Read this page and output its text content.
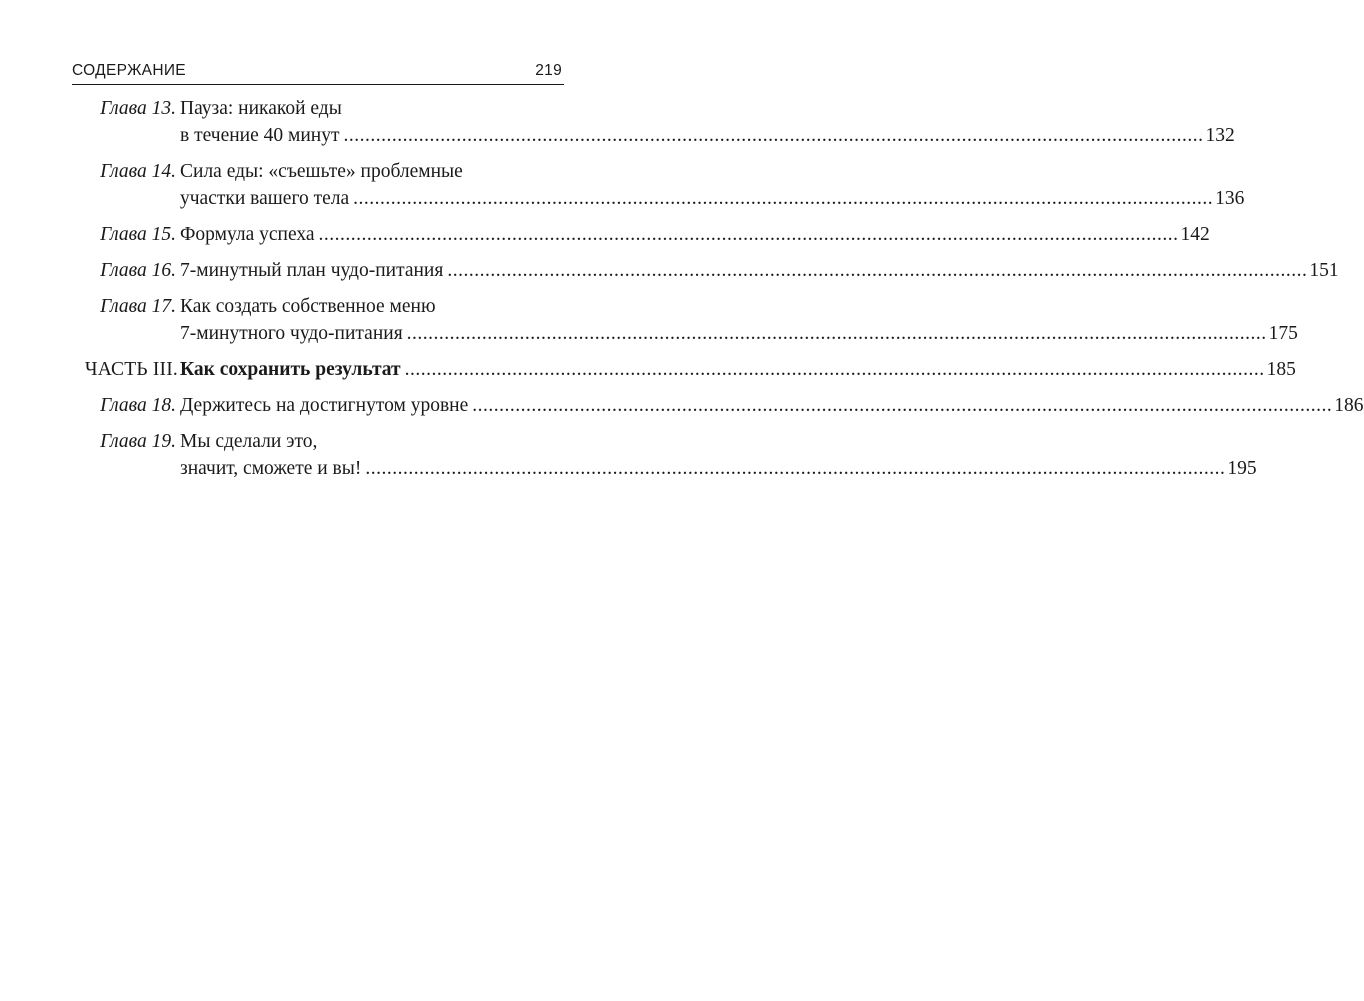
СОДЕРЖАНИЕ	219
Глава 13. Пауза: никакой еды
в течение 40 минут ................................................................................................................................................................ 132
Глава 14. Сила еды: «съешьте» проблемные
участки вашего тела ................................................................................................................................................................ 136
Глава 15. Формула успеха ................................................................................................................................................................ 142
Глава 16. 7-минутный план чудо-питания ................................................................................................................................................................ 151
Глава 17. Как создать собственное меню
7-минутного чудо-питания ................................................................................................................................................................ 175
ЧАСТЬ III. Как сохранить результат ................................................................................................................................................................ 185
Глава 18. Держитесь на достигнутом уровне ................................................................................................................................................................ 186
Глава 19. Мы сделали это,
значит, сможете и вы! ................................................................................................................................................................ 195
